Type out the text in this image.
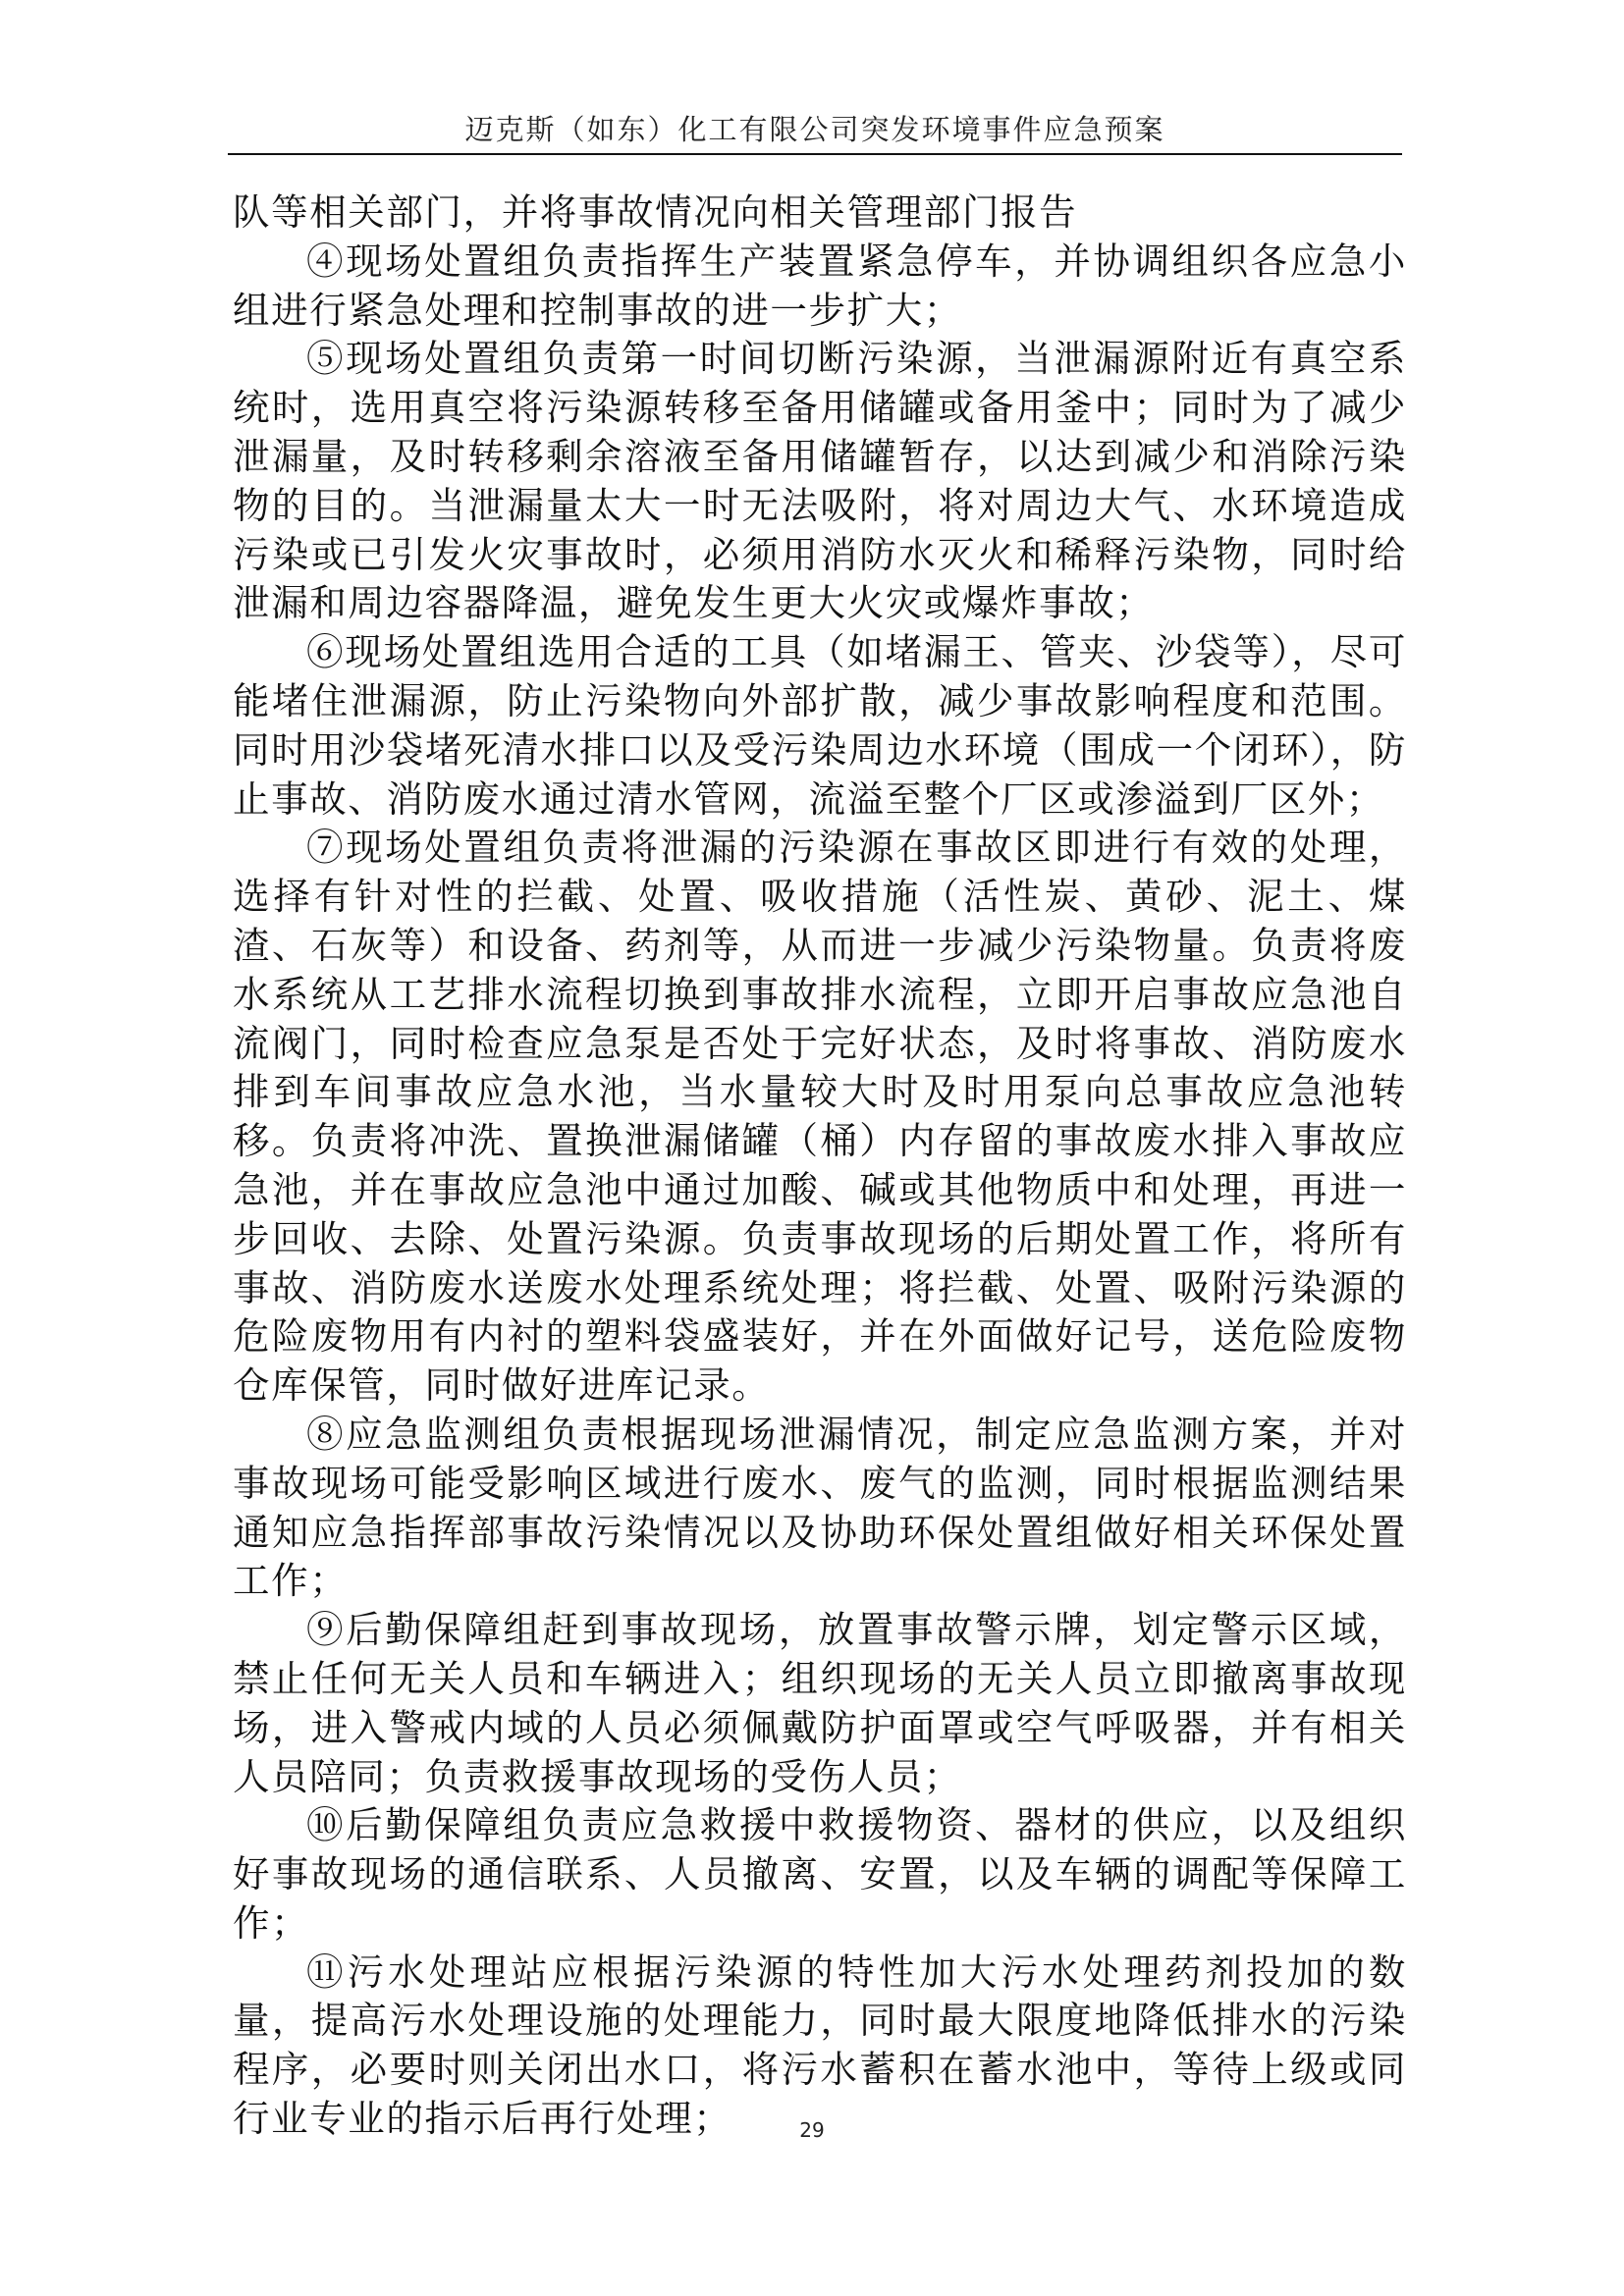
迈克斯（如东）化工有限公司突发环境事件应急预案

队等相关部门，并将事故情况向相关管理部门报告

④现场处置组负责指挥生产装置紧急停车，并协调组织各应急小组进行紧急处理和控制事故的进一步扩大；

⑤现场处置组负责第一时间切断污染源，当泄漏源附近有真空系统时，选用真空将污染源转移至备用储罐或备用釜中；同时为了减少泄漏量，及时转移剩余溶液至备用储罐暂存，以达到减少和消除污染物的目的。当泄漏量太大一时无法吸附，将对周边大气、水环境造成污染或已引发火灾事故时，必须用消防水灭火和稀释污染物，同时给泄漏和周边容器降温，避免发生更大火灾或爆炸事故；

⑥现场处置组选用合适的工具（如堵漏王、管夹、沙袋等），尽可能堵住泄漏源，防止污染物向外部扩散，减少事故影响程度和范围。同时用沙袋堵死清水排口以及受污染周边水环境（围成一个闭环），防止事故、消防废水通过清水管网，流溢至整个厂区或渗溢到厂区外；

⑦现场处置组负责将泄漏的污染源在事故区即进行有效的处理，选择有针对性的拦截、处置、吸收措施（活性炭、黄砂、泥土、煤渣、石灰等）和设备、药剂等，从而进一步减少污染物量。负责将废水系统从工艺排水流程切换到事故排水流程，立即开启事故应急池自流阀门，同时检查应急泵是否处于完好状态，及时将事故、消防废水排到车间事故应急水池，当水量较大时及时用泵向总事故应急池转移。负责将冲洗、置换泄漏储罐（桶）内存留的事故废水排入事故应急池，并在事故应急池中通过加酸、碱或其他物质中和处理，再进一步回收、去除、处置污染源。负责事故现场的后期处置工作，将所有事故、消防废水送废水处理系统处理；将拦截、处置、吸附污染源的危险废物用有内衬的塑料袋盛装好，并在外面做好记号，送危险废物仓库保管，同时做好进库记录。

⑧应急监测组负责根据现场泄漏情况，制定应急监测方案，并对事故现场可能受影响区域进行废水、废气的监测，同时根据监测结果通知应急指挥部事故污染情况以及协助环保处置组做好相关环保处置工作；

⑨后勤保障组赶到事故现场，放置事故警示牌，划定警示区域，禁止任何无关人员和车辆进入；组织现场的无关人员立即撤离事故现场，进入警戒内域的人员必须佩戴防护面罩或空气呼吸器，并有相关人员陪同；负责救援事故现场的受伤人员；

⑩后勤保障组负责应急救援中救援物资、器材的供应，以及组织好事故现场的通信联系、人员撤离、安置，以及车辆的调配等保障工作；

⑪污水处理站应根据污染源的特性加大污水处理药剂投加的数量，提高污水处理设施的处理能力，同时最大限度地降低排水的污染程序，必要时则关闭出水口，将污水蓄积在蓄水池中，等待上级或同行业专业的指示后再行处理；	29
